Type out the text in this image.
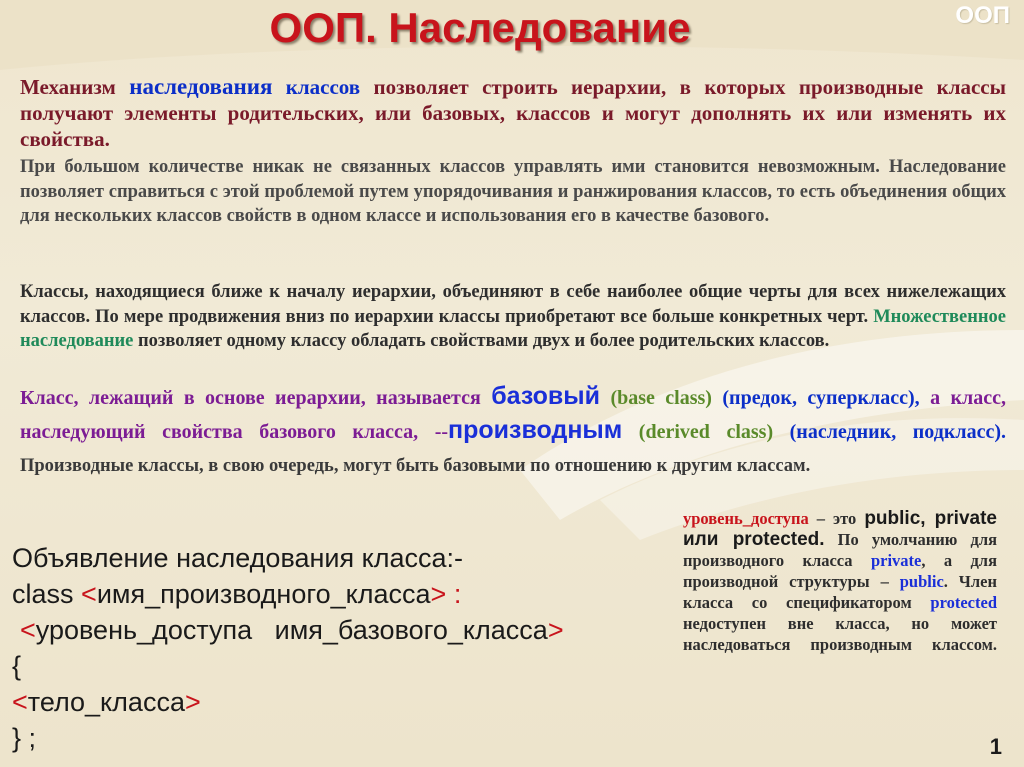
ООП. Наследование	ООП
Механизм наследования классов позволяет строить иерархии, в которых производные классы получают элементы родительских, или базовых, классов и могут дополнять их или изменять их свойства.
При большом количестве никак не связанных классов управлять ими становится невозможным. Наследование позволяет справиться с этой проблемой путем упорядочивания и ранжирования классов, то есть объединения общих для нескольких классов свойств в одном классе и использования его в качестве базового.
Классы, находящиеся ближе к началу иерархии, объединяют в себе наиболее общие черты для всех нижележащих классов. По мере продвижения вниз по иерархии классы приобретают все больше конкретных черт. Множественное наследование позволяет одному классу обладать свойствами двух и более родительских классов.
Класс, лежащий в основе иерархии, называется базовый (base class) (предок, суперкласс), а класс, наследующий свойства базового класса, --производным (derived class) (наследник, подкласс). Производные классы, в свою очередь, могут быть базовыми по отношению к другим классам.
Объявление наследования класса:-
class <имя_производного_класса> :
<уровень_доступа   имя_базового_класса>
{
<тело_класса>
} ;
уровень_доступа – это public, private или protected. По умолчанию для производного класса private, а для производной структуры – public. Член класса со спецификатором protected недоступен вне класса, но может наследоваться производным классом.
1
